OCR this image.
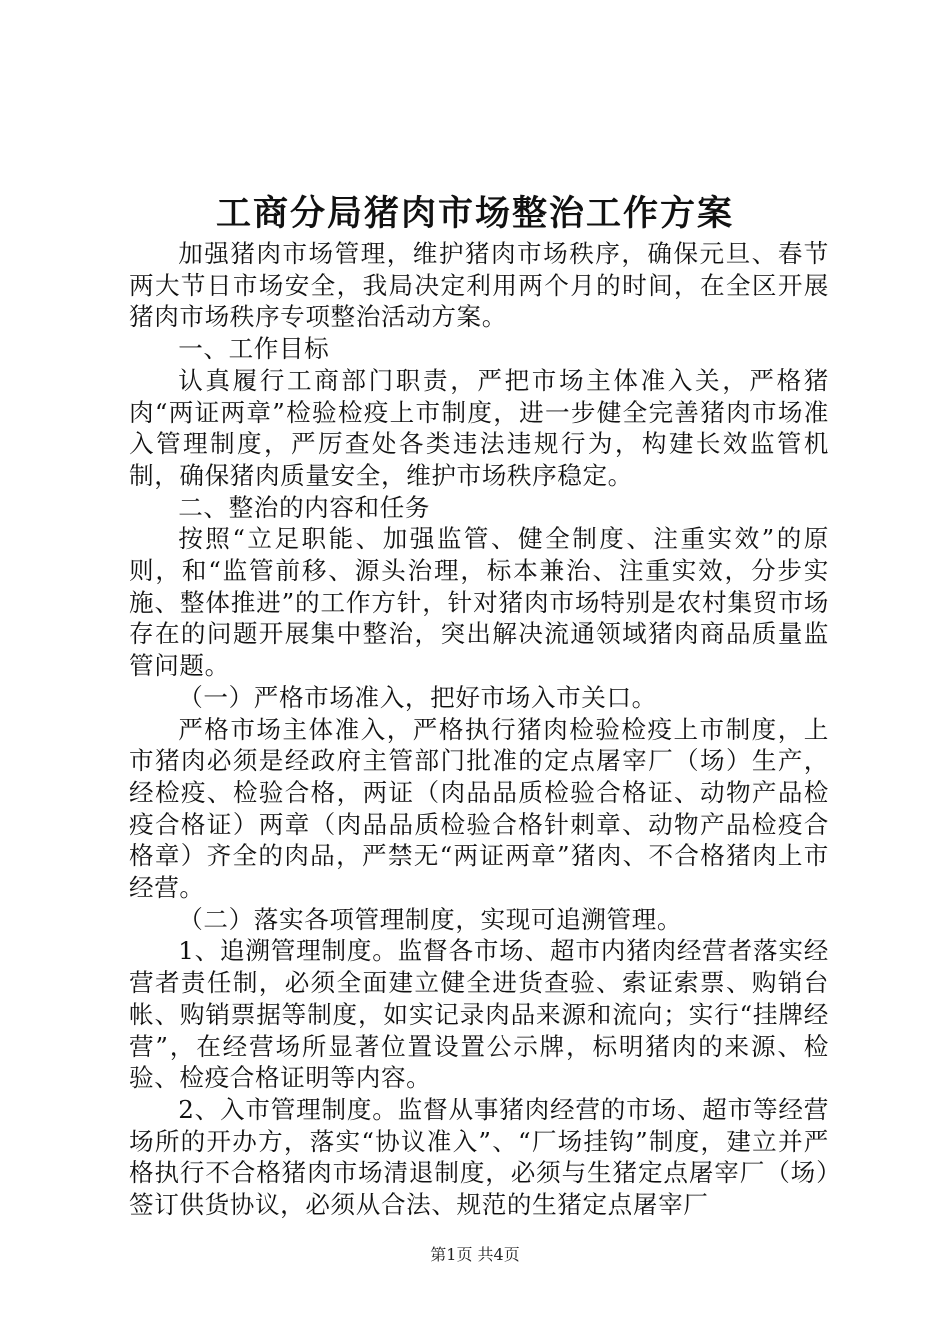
工商分局猪肉市场整治工作方案

加强猪肉市场管理，维护猪肉市场秩序，确保元旦、春节两大节日市场安全，我局决定利用两个月的时间，在全区开展猪肉市场秩序专项整治活动方案。

一、工作目标

认真履行工商部门职责，严把市场主体准入关，严格猪肉“两证两章”检验检疫上市制度，进一步健全完善猪肉市场准入管理制度，严厉查处各类违法违规行为，构建长效监管机制，确保猪肉质量安全，维护市场秩序稳定。

二、整治的内容和任务

按照“立足职能、加强监管、健全制度、注重实效”的原则，和“监管前移、源头治理，标本兼治、注重实效，分步实施、整体推进”的工作方针，针对猪肉市场特别是农村集贸市场存在的问题开展集中整治，突出解决流通领域猪肉商品质量监管问题。

（一）严格市场准入，把好市场入市关口。

严格市场主体准入，严格执行猪肉检验检疫上市制度，上市猪肉必须是经政府主管部门批准的定点屠宰厂（场）生产，经检疫、检验合格，两证（肉品品质检验合格证、动物产品检疫合格证）两章（肉品品质检验合格针刺章、动物产品检疫合格章）齐全的肉品，严禁无“两证两章”猪肉、不合格猪肉上市经营。

（二）落实各项管理制度，实现可追溯管理。

1、追溯管理制度。监督各市场、超市内猪肉经营者落实经营者责任制，必须全面建立健全进货查验、索证索票、购销台帐、购销票据等制度，如实记录肉品来源和流向；实行“挂牌经营”，在经营场所显著位置设置公示牌，标明猪肉的来源、检验、检疫合格证明等内容。

2、入市管理制度。监督从事猪肉经营的市场、超市等经营场所的开办方，落实“协议准入”、“厂场挂钩”制度，建立并严格执行不合格猪肉市场清退制度，必须与生猪定点屠宰厂（场）签订供货协议，必须从合法、规范的生猪定点屠宰厂

第1页 共4页
